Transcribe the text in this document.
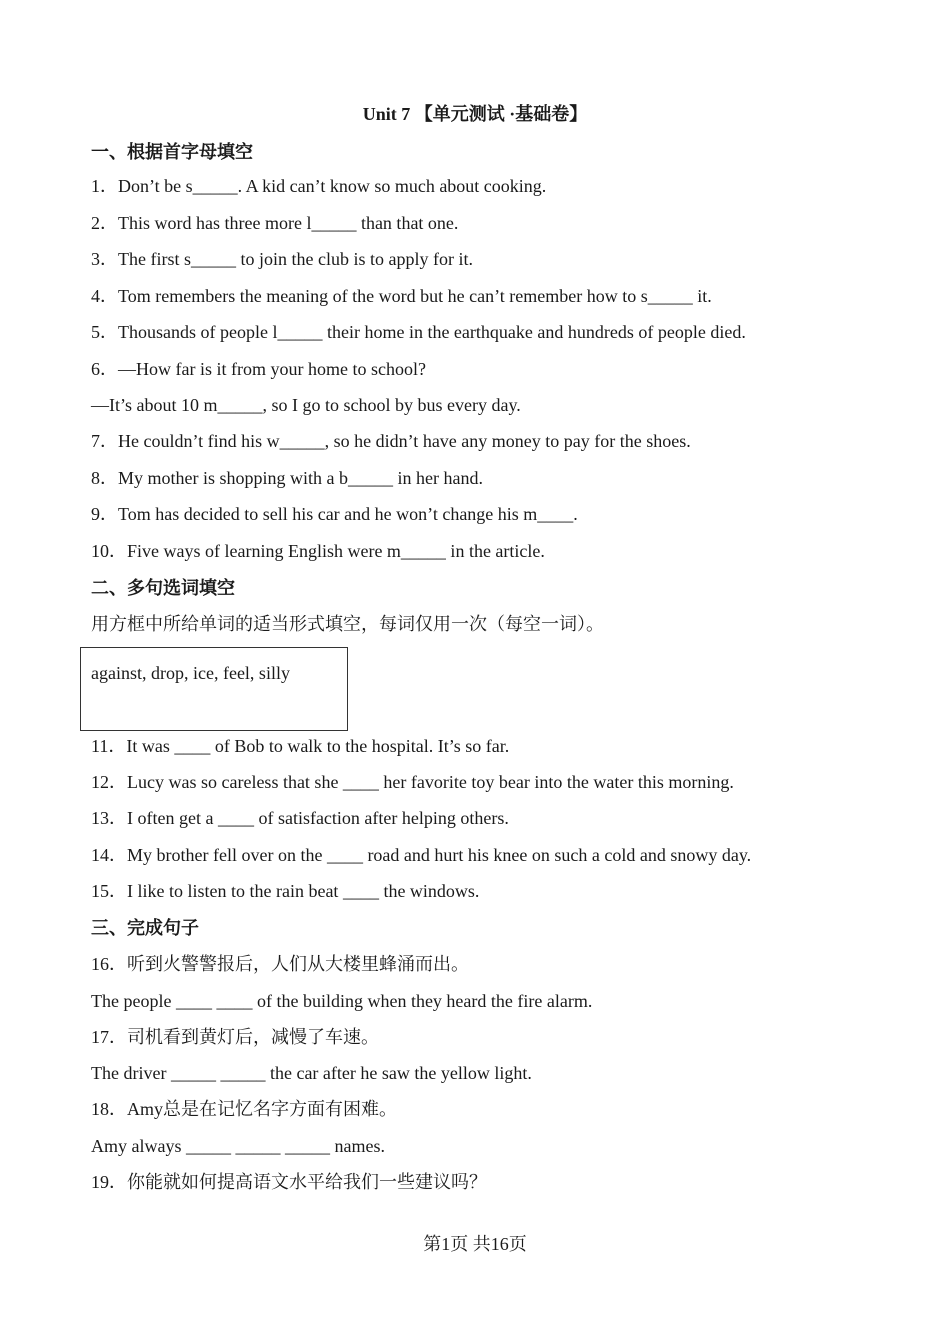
Unit 7 【单元测试 ·基础卷】
一、根据首字母填空
1．Don’t be s_____. A kid can’t know so much about cooking.
2．This word has three more l_____ than that one.
3．The first s_____ to join the club is to apply for it.
4．Tom remembers the meaning of the word but he can’t remember how to s_____ it.
5．Thousands of people l_____ their home in the earthquake and hundreds of people died.
6．—How far is it from your home to school?
—It’s about 10 m_____, so I go to school by bus every day.
7．He couldn’t find his w_____, so he didn’t have any money to pay for the shoes.
8．My mother is shopping with a b_____ in her hand.
9．Tom has decided to sell his car and he won’t change his m____.
10．Five ways of learning English were m_____ in the article.
二、多句选词填空
用方框中所给单词的适当形式填空，每词仅用一次（每空一词）。
against, drop, ice, feel, silly
11．It was ____ of Bob to walk to the hospital. It’s so far.
12．Lucy was so careless that she ____ her favorite toy bear into the water this morning.
13．I often get a ____ of satisfaction after helping others.
14．My brother fell over on the ____ road and hurt his knee on such a cold and snowy day.
15．I like to listen to the rain beat ____ the windows.
三、完成句子
16．听到火警警报后，人们从大楼里蜂涌而出。
The people ____ ____ of the building when they heard the fire alarm.
17．司机看到黄灯后，减慢了车速。
The driver _____ _____ the car after he saw the yellow light.
18．Amy总是在记忆名字方面有困难。
Amy always _____ _____ _____ names.
19．你能就如何提高语文水平给我们一些建议吗？
第1页 共16页
